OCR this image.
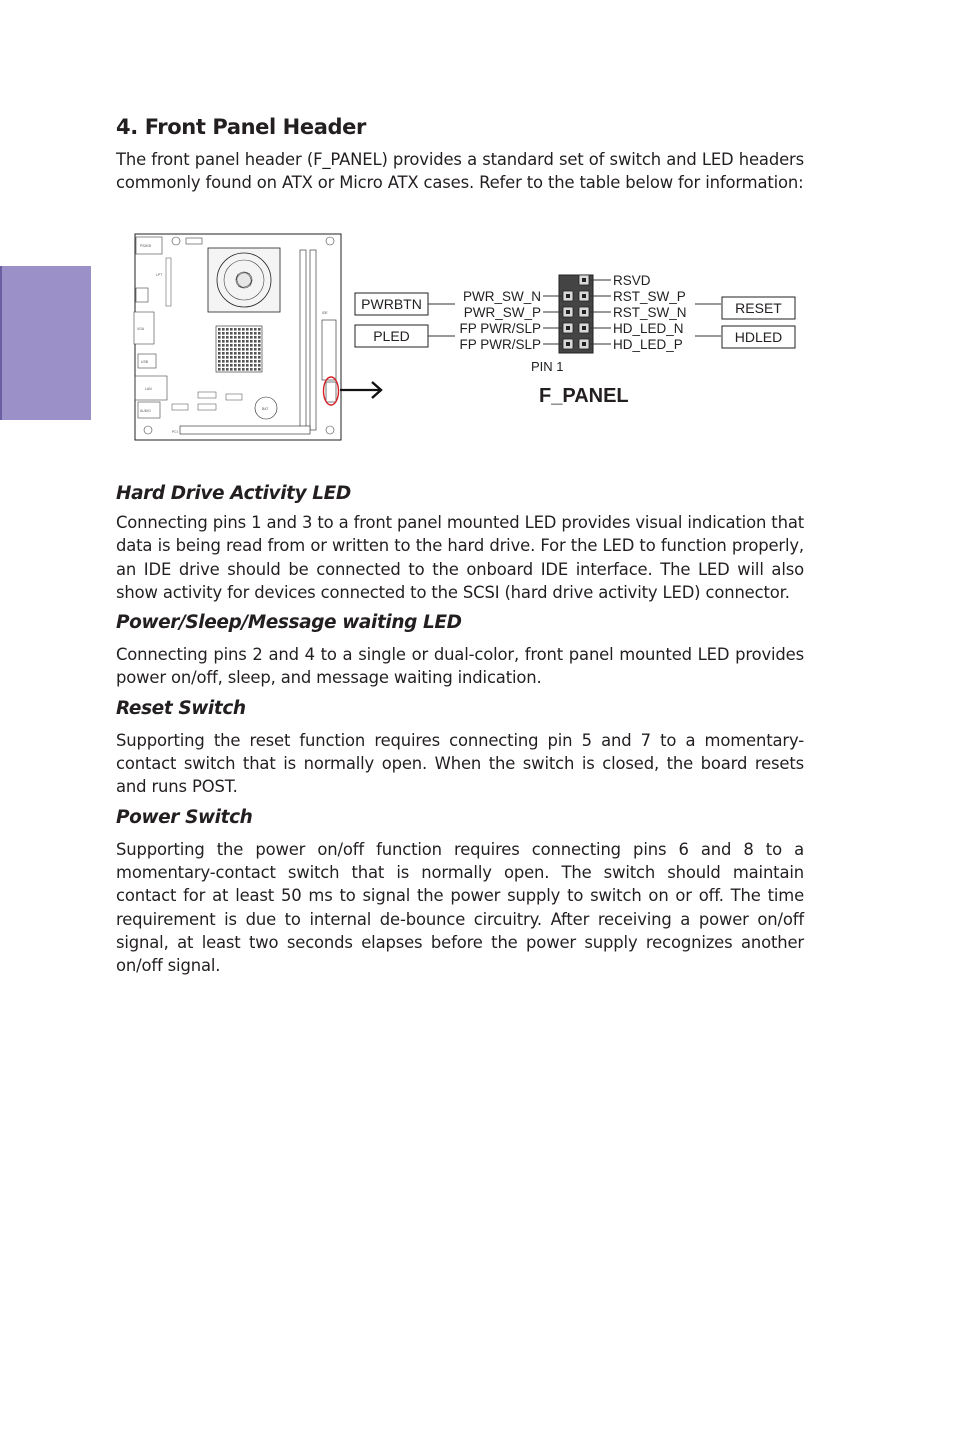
4. Front Panel Header

The front panel header (F_PANEL) provides a standard set of switch and LED headers commonly found on ATX or Micro ATX cases. Refer to the table below for information:

PS2KB
LPT
VGA
USB
LAN
AUDIO
IDE
BAT
PCI
PWRBTN
PLED
RESET
HDLED
PWR_SW_N
PWR_SW_P
FP PWR/SLP
FP PWR/SLP
RSVD
RST_SW_P
RST_SW_N
HD_LED_N
HD_LED_P
PIN 1
F_PANEL
Hard Drive Activity LED

Connecting pins 1 and 3 to a front panel mounted LED provides visual indication that data is being read from or written to the hard drive. For the LED to function properly, an IDE drive should be connected to the onboard IDE interface. The LED will also show activity for devices connected to the SCSI (hard drive activity LED) connector.

Power/Sleep/Message waiting LED

Connecting pins 2 and 4 to a single or dual-color, front panel mounted LED provides power on/off, sleep, and message waiting indication.

Reset Switch

Supporting the reset function requires connecting pin 5 and 7 to a momentary-contact switch that is normally open. When the switch is closed, the board resets and runs POST.

Power Switch

Supporting the power on/off function requires connecting pins 6 and 8 to a momentary-contact switch that is normally open. The switch should maintain contact for at least 50 ms to signal the power supply to switch on or off. The time requirement is due to internal de-bounce circuitry. After receiving a power on/off signal, at least two seconds elapses before the power supply recognizes another on/off signal.
